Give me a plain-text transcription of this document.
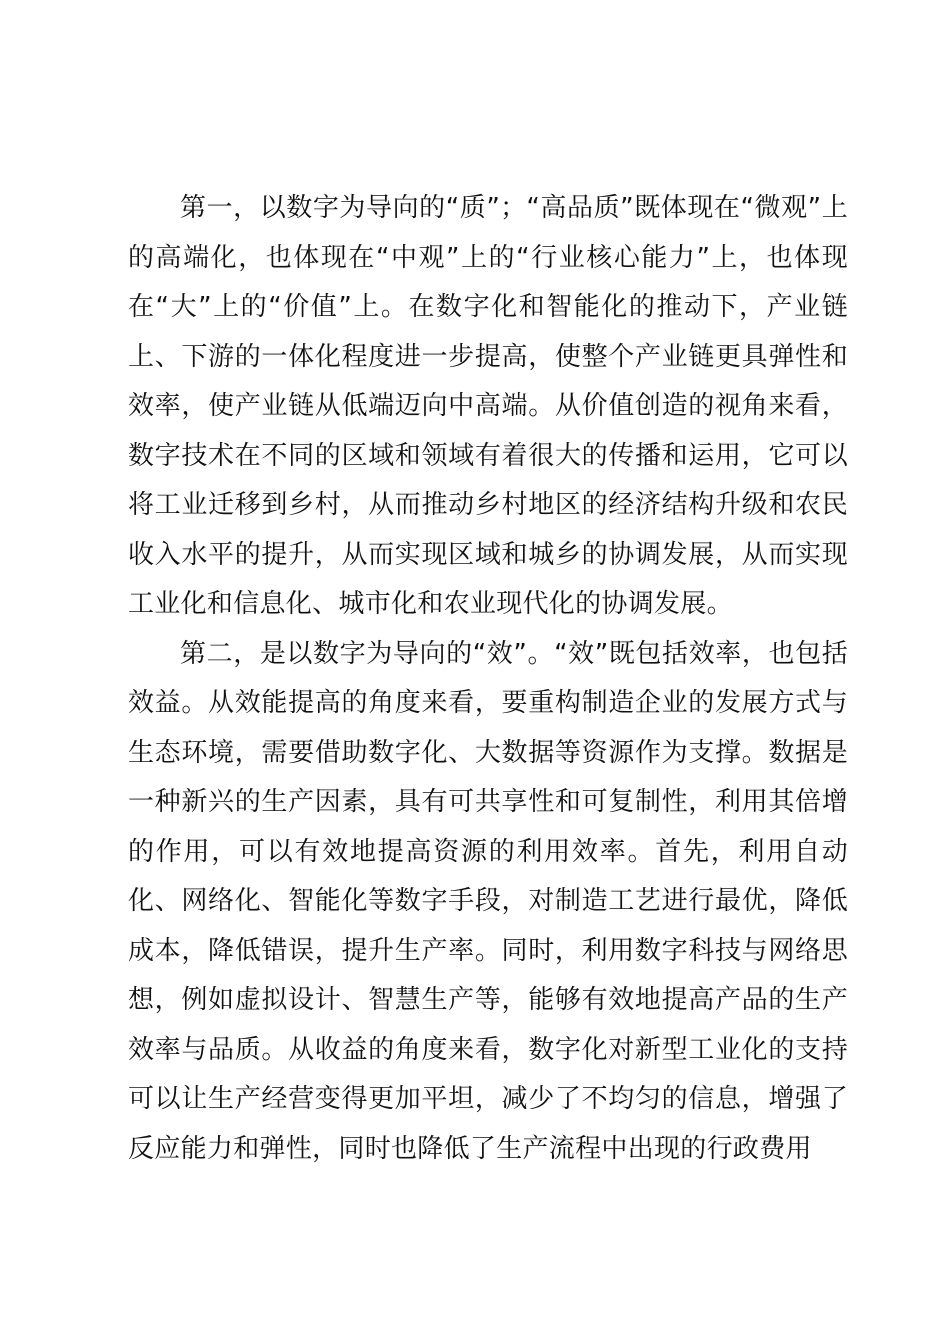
第一，以数字为导向的“质”；“高品质”既体现在“微观”上的高端化，也体现在“中观”上的“行业核心能力”上，也体现在“大”上的“价值”上。在数字化和智能化的推动下，产业链上、下游的一体化程度进一步提高，使整个产业链更具弹性和效率，使产业链从低端迈向中高端。从价值创造的视角来看，数字技术在不同的区域和领域有着很大的传播和运用，它可以将工业迁移到乡村，从而推动乡村地区的经济结构升级和农民收入水平的提升，从而实现区域和城乡的协调发展，从而实现工业化和信息化、城市化和农业现代化的协调发展。

第二，是以数字为导向的“效”。“效”既包括效率，也包括效益。从效能提高的角度来看，要重构制造企业的发展方式与生态环境，需要借助数字化、大数据等资源作为支撑。数据是一种新兴的生产因素，具有可共享性和可复制性，利用其倍增的作用，可以有效地提高资源的利用效率。首先，利用自动化、网络化、智能化等数字手段，对制造工艺进行最优，降低成本，降低错误，提升生产率。同时，利用数字科技与网络思想，例如虚拟设计、智慧生产等，能够有效地提高产品的生产效率与品质。从收益的角度来看，数字化对新型工业化的支持可以让生产经营变得更加平坦，减少了不均匀的信息，增强了反应能力和弹性，同时也降低了生产流程中出现的行政费用
